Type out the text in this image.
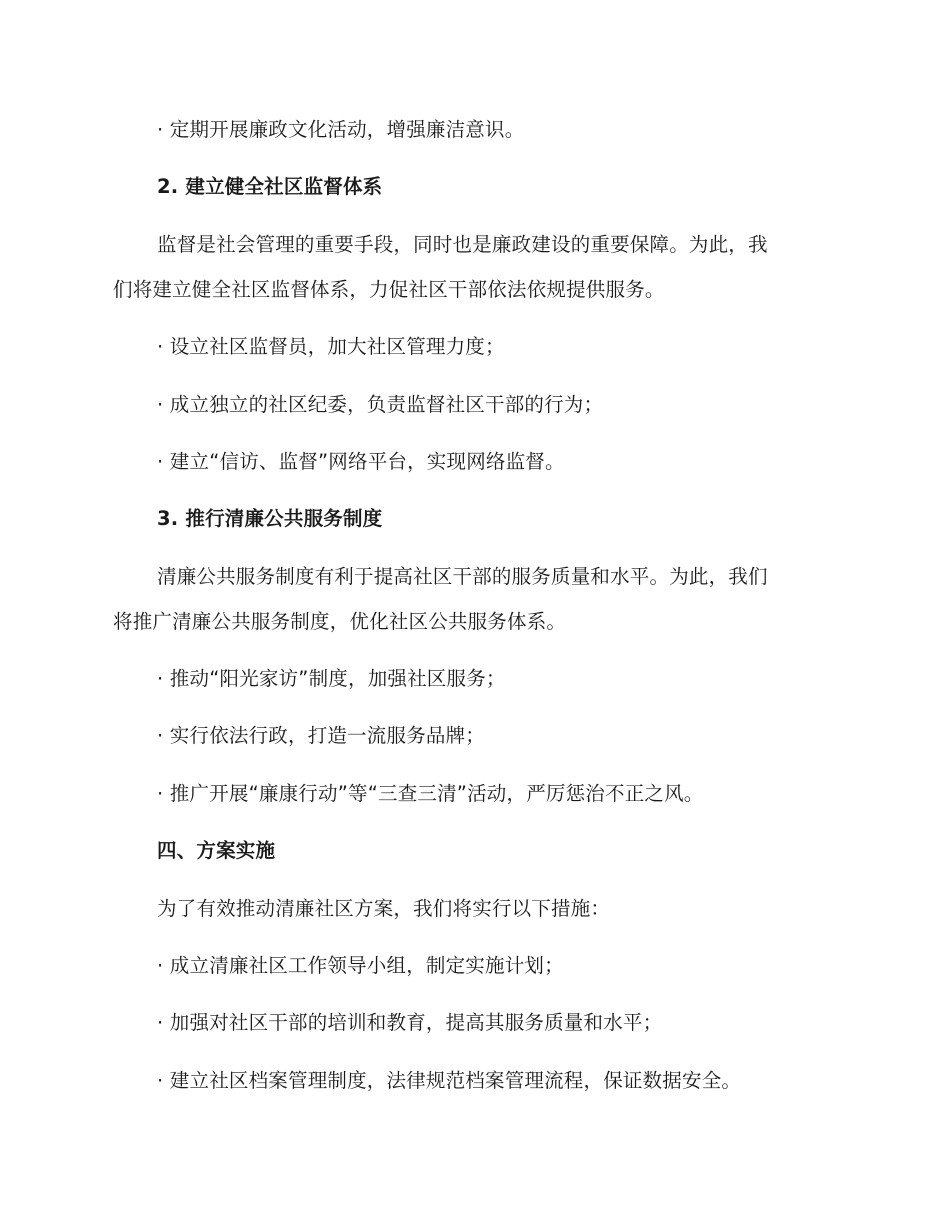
· 定期开展廉政文化活动，增强廉洁意识。
2. 建立健全社区监督体系
监督是社会管理的重要手段，同时也是廉政建设的重要保障。为此，我
们将建立健全社区监督体系，力促社区干部依法依规提供服务。
· 设立社区监督员，加大社区管理力度；
· 成立独立的社区纪委，负责监督社区干部的行为；
· 建立“信访、监督”网络平台，实现网络监督。
3. 推行清廉公共服务制度
清廉公共服务制度有利于提高社区干部的服务质量和水平。为此，我们
将推广清廉公共服务制度，优化社区公共服务体系。
· 推动“阳光家访”制度，加强社区服务；
· 实行依法行政，打造一流服务品牌；
· 推广开展“廉康行动”等“三查三清”活动，严厉惩治不正之风。
四、方案实施
为了有效推动清廉社区方案，我们将实行以下措施：
· 成立清廉社区工作领导小组，制定实施计划；
· 加强对社区干部的培训和教育，提高其服务质量和水平；
· 建立社区档案管理制度，法律规范档案管理流程，保证数据安全。
